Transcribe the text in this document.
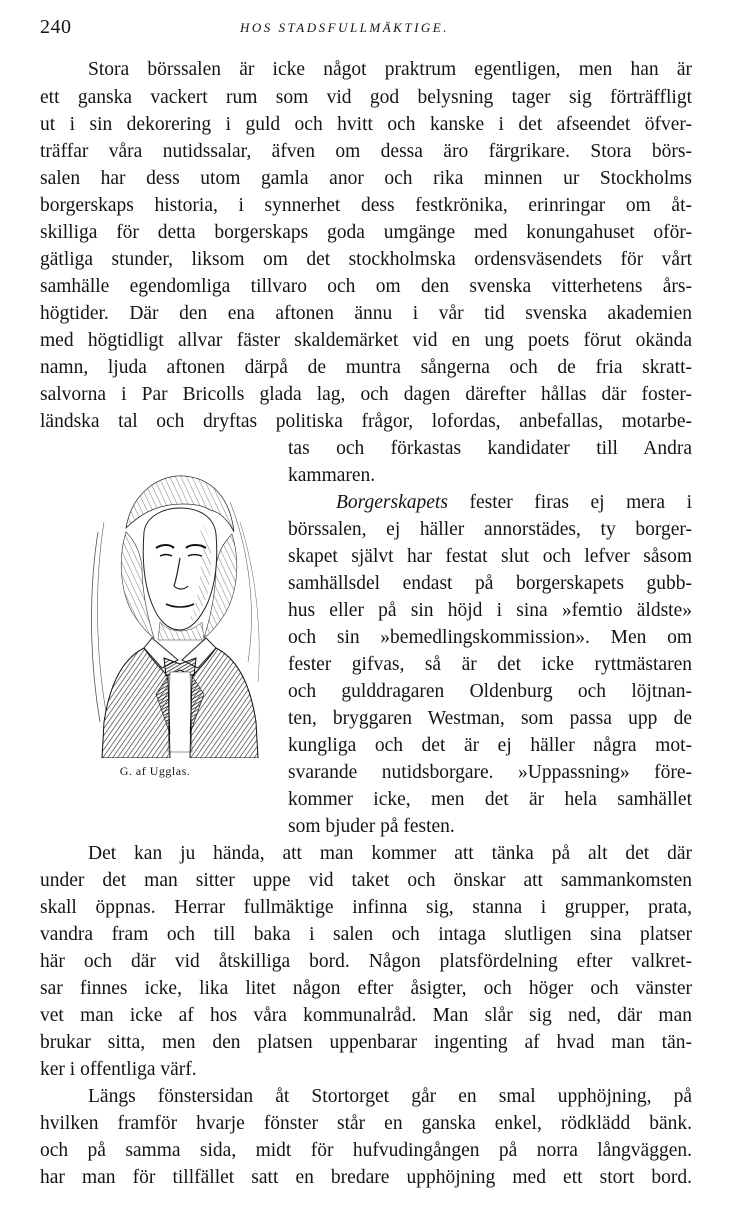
240	HOS STADSFULLMÄKTIGE.
Stora börssalen är icke något praktrum egentligen, men han är
ett ganska vackert rum som vid god belysning tager sig förträffligt
ut i sin dekorering i guld och hvitt och kanske i det afseendet öfver-
träffar våra nutidssalar, äfven om dessa äro färgrikare. Stora börs-
salen har dess utom gamla anor och rika minnen ur Stockholms
borgerskaps historia, i synnerhet dess festkrönika, erinringar om åt-
skilliga för detta borgerskaps goda umgänge med konungahuset oför-
gätliga stunder, liksom om det stockholmska ordensväsendets för vårt
samhälle egendomliga tillvaro och om den svenska vitterhetens års-
högtider. Där den ena aftonen ännu i vår tid svenska akademien
med högtidligt allvar fäster skaldemärket vid en ung poets förut okända
namn, ljuda aftonen därpå de muntra sångerna och de fria skratt-
salvorna i Par Bricolls glada lag, och dagen därefter hållas där foster-
ländska tal och dryftas politiska frågor, lofordas, anbefallas, motarbe-
tas och förkastas kandidater till Andra
kammaren.
G. af Ugglas.
Borgerskapets fester firas ej mera i
börssalen, ej häller annorstädes, ty borger-
skapet självt har festat slut och lefver såsom
samhällsdel endast på borgerskapets gubb-
hus eller på sin höjd i sina »femtio äldste»
och sin »bemedlingskommission». Men om
fester gifvas, så är det icke ryttmästaren
och gulddragaren Oldenburg och löjtnan-
ten, bryggaren Westman, som passa upp de
kungliga och det är ej häller några mot-
svarande nutidsborgare. »Uppassning» före-
kommer icke, men det är hela samhället
som bjuder på festen.
Det kan ju hända, att man kommer att tänka på alt det där
under det man sitter uppe vid taket och önskar att sammankomsten
skall öppnas. Herrar fullmäktige infinna sig, stanna i grupper, prata,
vandra fram och till baka i salen och intaga slutligen sina platser
här och där vid åtskilliga bord. Någon platsfördelning efter valkret-
sar finnes icke, lika litet någon efter åsigter, och höger och vänster
vet man icke af hos våra kommunalråd. Man slår sig ned, där man
brukar sitta, men den platsen uppenbarar ingenting af hvad man tän-
ker i offentliga värf.
Längs fönstersidan åt Stortorget går en smal upphöjning, på
hvilken framför hvarje fönster står en ganska enkel, rödklädd bänk.
och på samma sida, midt för hufvudingången på norra långväggen.
har man för tillfället satt en bredare upphöjning med ett stort bord.
